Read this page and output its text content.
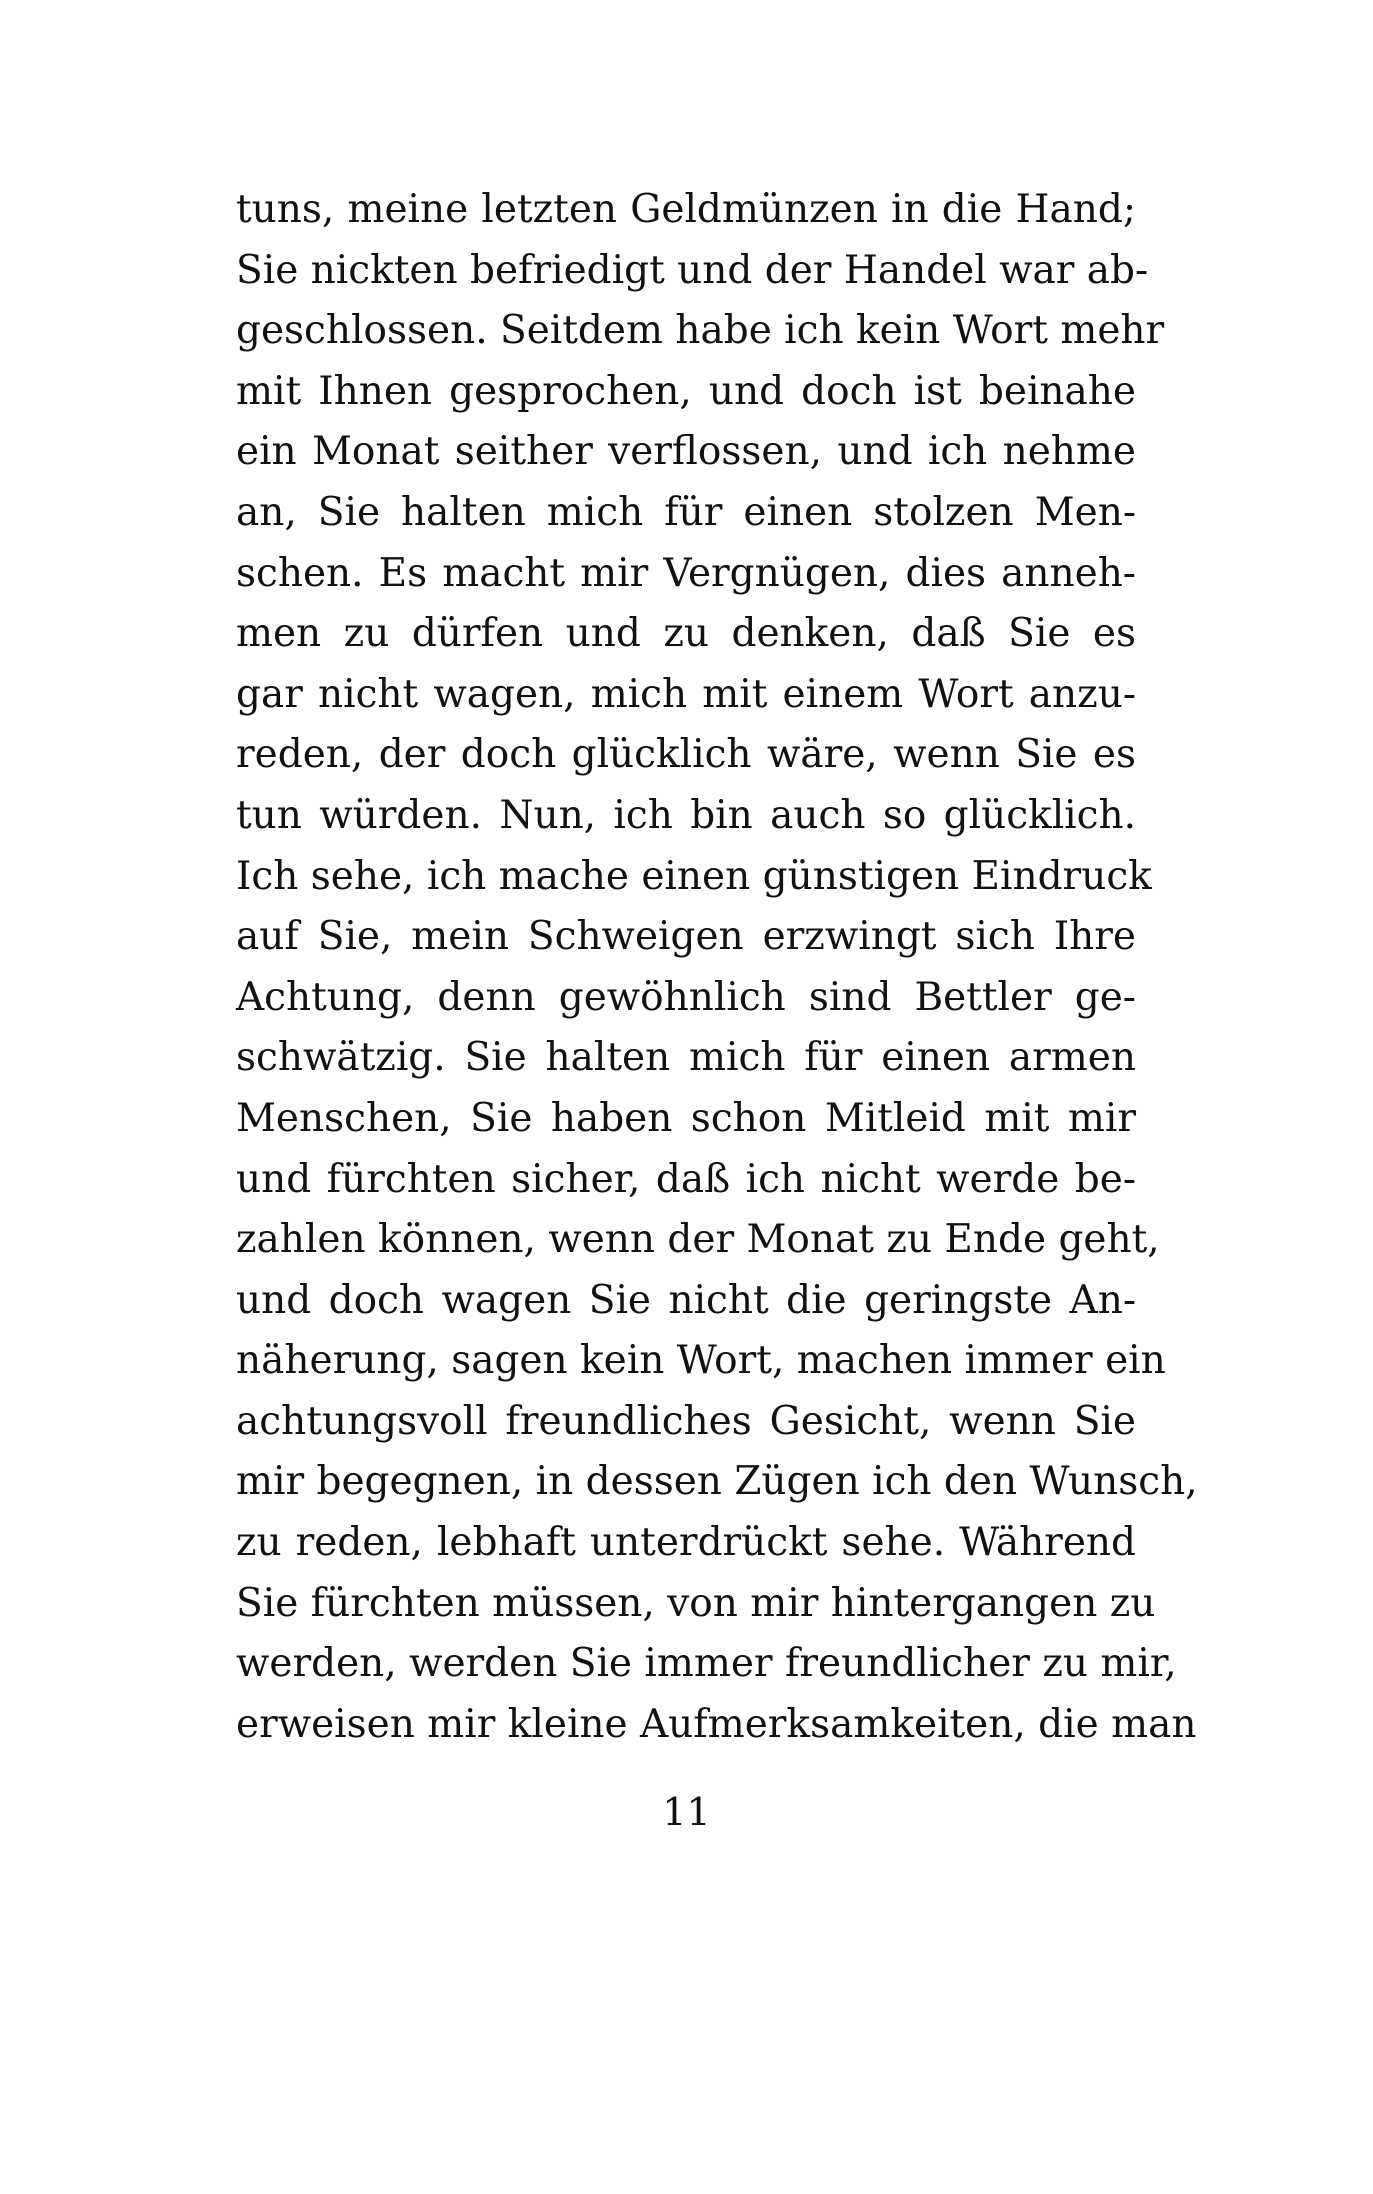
tuns, meine letzten Geldmünzen in die Hand;
Sie nickten befriedigt und der Handel war ab-
geschlossen. Seitdem habe ich kein Wort mehr
mit Ihnen gesprochen, und doch ist beinahe
ein Monat seither verflossen, und ich nehme
an, Sie halten mich für einen stolzen Men-
schen. Es macht mir Vergnügen, dies anneh-
men zu dürfen und zu denken, daß Sie es
gar nicht wagen, mich mit einem Wort anzu-
reden, der doch glücklich wäre, wenn Sie es
tun würden. Nun, ich bin auch so glücklich.
Ich sehe, ich mache einen günstigen Eindruck
auf Sie, mein Schweigen erzwingt sich Ihre
Achtung, denn gewöhnlich sind Bettler ge-
schwätzig. Sie halten mich für einen armen
Menschen, Sie haben schon Mitleid mit mir
und fürchten sicher, daß ich nicht werde be-
zahlen können, wenn der Monat zu Ende geht,
und doch wagen Sie nicht die geringste An-
näherung, sagen kein Wort, machen immer ein
achtungsvoll freundliches Gesicht, wenn Sie
mir begegnen, in dessen Zügen ich den Wunsch,
zu reden, lebhaft unterdrückt sehe. Während
Sie fürchten müssen, von mir hintergangen zu
werden, werden Sie immer freundlicher zu mir,
erweisen mir kleine Aufmerksamkeiten, die man
11
